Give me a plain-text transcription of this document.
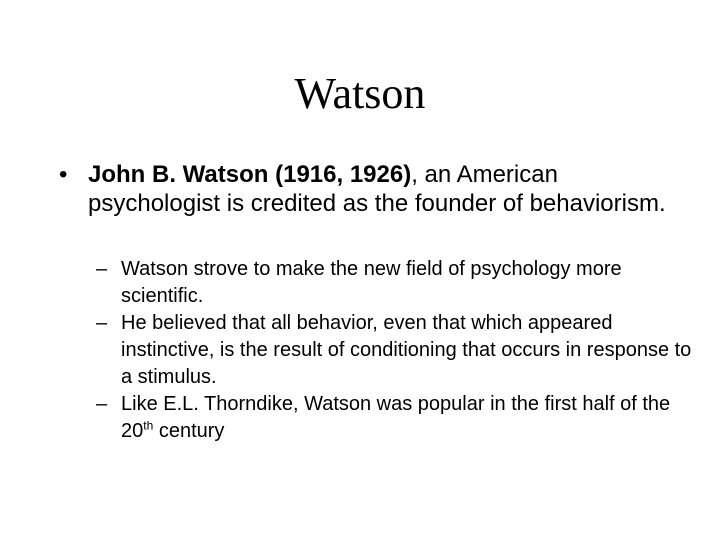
Watson
• John B. Watson (1916, 1926), an American psychologist is credited as the founder of behaviorism.
– Watson strove to make the new field of psychology more scientific.
– He believed that all behavior, even that which appeared instinctive, is the result of conditioning that occurs in response to a stimulus.
– Like E.L. Thorndike, Watson was popular in the first half of the 20th century
